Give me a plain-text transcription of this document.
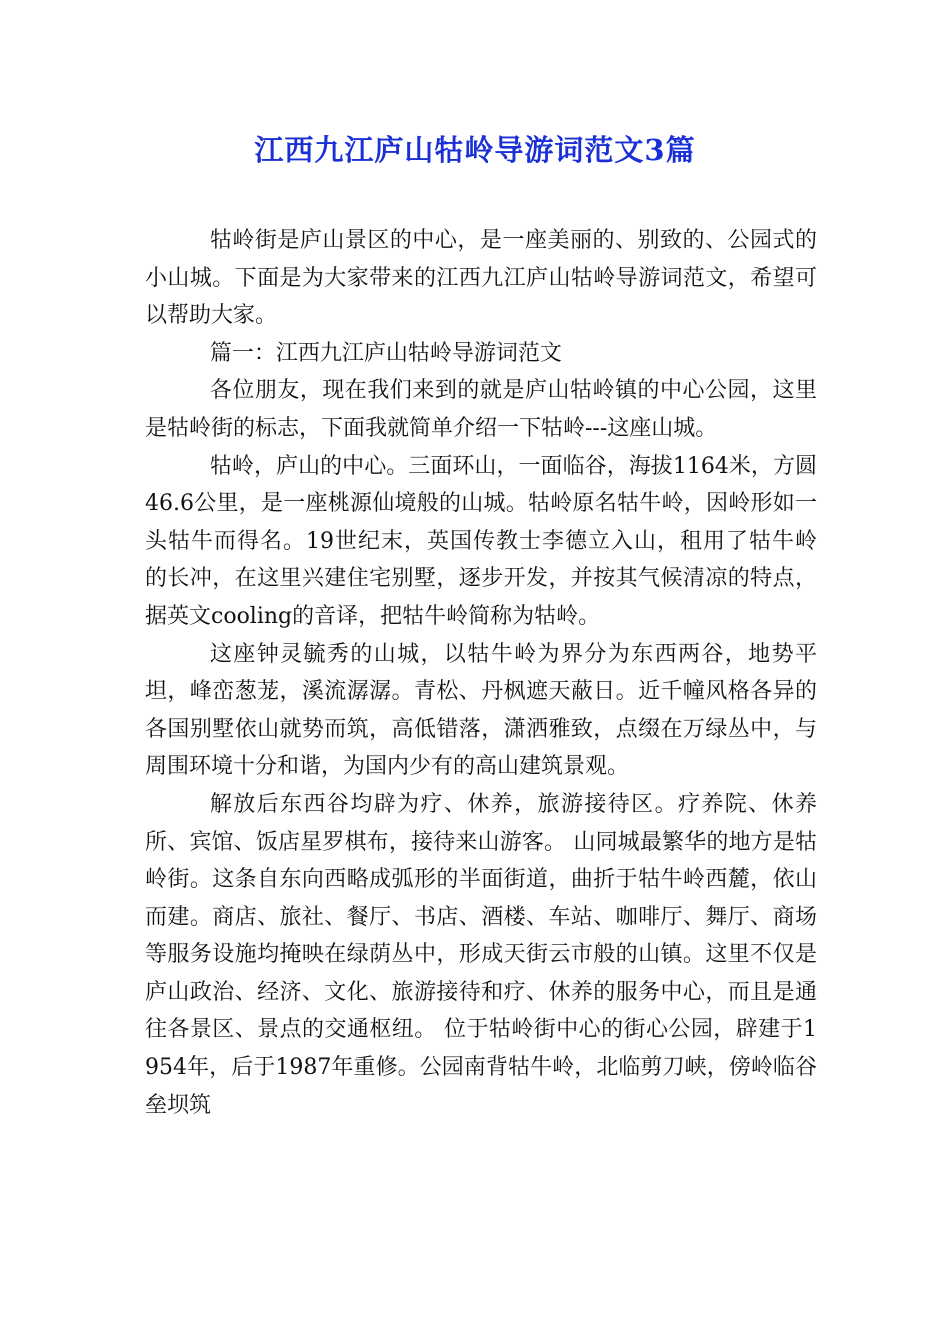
江西九江庐山牯岭导游词范文3篇

牯岭街是庐山景区的中心，是一座美丽的、别致的、公园式的小山城。下面是为大家带来的江西九江庐山牯岭导游词范文，希望可以帮助大家。

篇一：江西九江庐山牯岭导游词范文

各位朋友，现在我们来到的就是庐山牯岭镇的中心公园，这里是牯岭街的标志，下面我就简单介绍一下牯岭---这座山城。

牯岭，庐山的中心。三面环山，一面临谷，海拔1164米，方圆46.6公里，是一座桃源仙境般的山城。牯岭原名牯牛岭，因岭形如一头牯牛而得名。19世纪末，英国传教士李德立入山，租用了牯牛岭 的长冲，在这里兴建住宅别墅，逐步开发，并按其气候清凉的特点，据英文cooling的音译，把牯牛岭简称为牯岭。

这座钟灵毓秀的山城，以牯牛岭为界分为东西两谷，地势平坦，峰峦葱茏，溪流潺潺。青松、丹枫遮天蔽日。近千幢风格各异的各国别墅依山就势而筑，高低错落，潇洒雅致，点缀在万绿丛中，与周围环境十分和谐，为国内少有的高山建筑景观。

解放后东西谷均辟为疗、休养，旅游接待区。疗养院、休养所、宾馆、饭店星罗棋布，接待来山游客。 山同城最繁华的地方是牯岭街。这条自东向西略成弧形的半面街道，曲折于牯牛岭西麓，依山而建。商店、旅社、餐厅、书店、酒楼、车站、咖啡厅、舞厅、商场等服务设施均掩映在绿荫丛中，形成天街云市般的山镇。这里不仅是庐山政治、经济、文化、旅游接待和疗、休养的服务中心，而且是通往各景区、景点的交通枢纽。 位于牯岭街中心的街心公园，辟建于1954年，后于1987年重修。公园南背牯牛岭，北临剪刀峡，傍岭临谷垒坝筑
